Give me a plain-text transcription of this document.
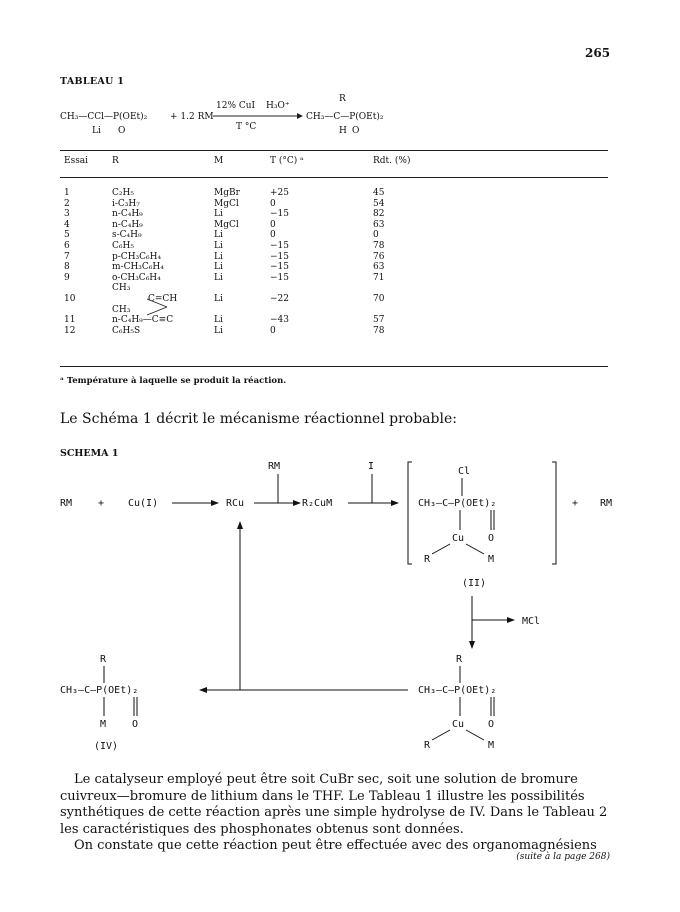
265
TABLEAU 1
CH₃—CCl—P(OEt)₂
Li O
+ 1.2 RM
12% CuI H₃O⁺
T °C
R
CH₃—C—P(OEt)₂
H O
Essai	R	M	T (°C) ᵃ	Rdt. (%)
1	C₂H₅	MgBr	+25	45
2	i-C₃H₇	MgCl	0	54
3	n-C₄H₉	Li	−15	82
4	n-C₄H₉	MgCl	0	63
5	s-C₄H₉	Li	0	0
6	C₆H₅	Li	−15	78
7	p-CH₃C₆H₄	Li	−15	76
8	m-CH₃C₆H₄	Li	−15	63
9	o-CH₃C₆H₄	Li	−15	71
	CH₃			
10	    C=CH	Li	−22	70
	CH₃			
11	n-C₄H₉—C≡C	Li	−43	57
12	C₆H₅S	Li	0	78
ᵃ Température à laquelle se produit la réaction.
Le Schéma 1 décrit le mécanisme réactionnel probable:
SCHEMA 1
RM	+ Cu(I)	RCu
RM
R₂CuM
I	Cl
CH₃—C—P(OEt)₂
O
Cu
R	M
+ RM
(II)
MCl
R
CH₃—C—P(OEt)₂
Cu O
R	M
R
CH₃—C—P(OEt)₂
M	O
(IV)
Le catalyseur employé peut être soit CuBr sec, soit une solution de bromure cuivreux—bromure de lithium dans le THF. Le Tableau 1 illustre les possibilités synthétiques de cette réaction après une simple hydrolyse de IV. Dans le Tableau 2 les caractéristiques des phosphonates obtenus sont données.
On constate que cette réaction peut être effectuée avec des organomagnésiens
(suite à la page 268)
